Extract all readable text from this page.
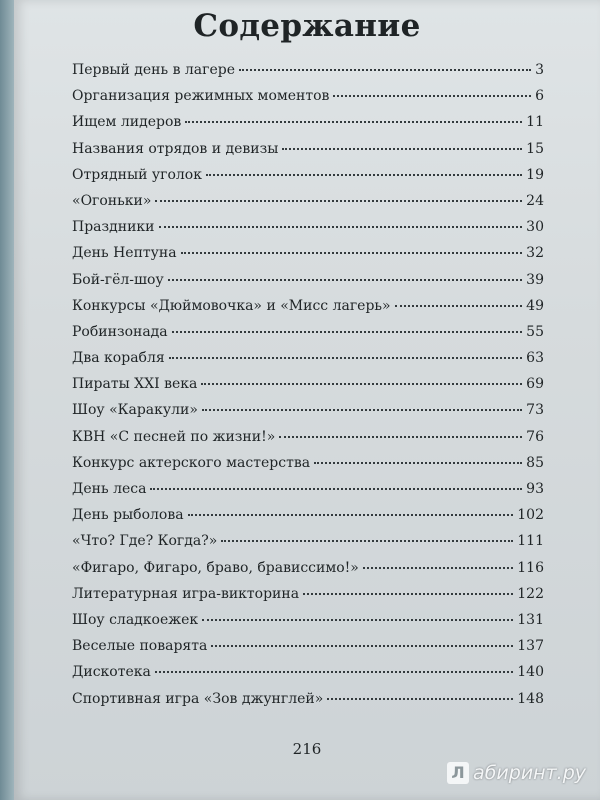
Содержание
Первый день в лагере	3
Организация режимных моментов	6
Ищем лидеров	11
Названия отрядов и девизы	15
Отрядный уголок	19
«Огоньки»	24
Праздники	30
День Нептуна	32
Бой-гёл-шоу	39
Конкурсы «Дюймовочка» и «Мисс лагерь»	49
Робинзонада	55
Два корабля	63
Пираты XXI века	69
Шоу «Каракули»	73
КВН «С песней по жизни!»	76
Конкурс актерского мастерства	85
День леса	93
День рыболова	102
«Что? Где? Когда?»	111
«Фигаро, Фигаро, браво, брависсимо!»	116
Литературная игра-викторина	122
Шоу сладкоежек	131
Веселые поварята	137
Дискотека	140
Спортивная игра «Зов джунглей»	148
216
Л абиринт.ру
